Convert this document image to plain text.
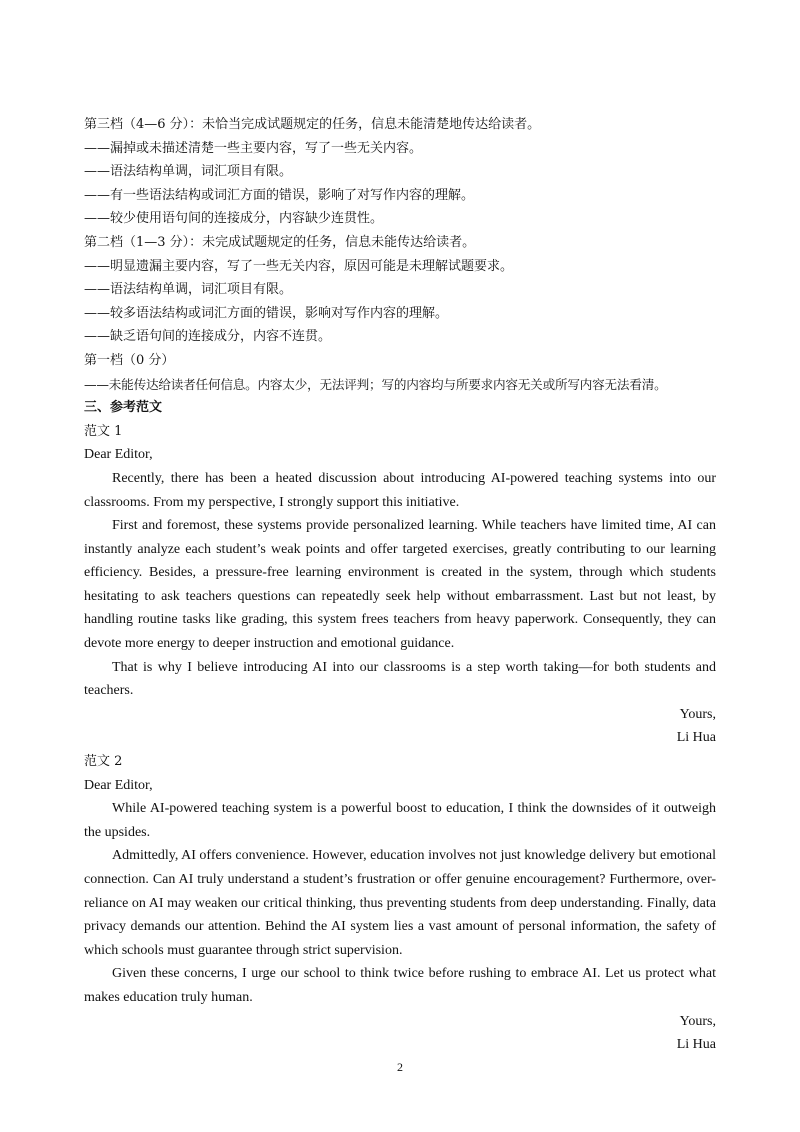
第三档（4—6 分）：未恰当完成试题规定的任务，信息未能清楚地传达给读者。
——漏掉或未描述清楚一些主要内容，写了一些无关内容。
——语法结构单调，词汇项目有限。
——有一些语法结构或词汇方面的错误，影响了对写作内容的理解。
——较少使用语句间的连接成分，内容缺少连贯性。
第二档（1—3 分）：未完成试题规定的任务，信息未能传达给读者。
——明显遗漏主要内容，写了一些无关内容，原因可能是未理解试题要求。
——语法结构单调，词汇项目有限。
——较多语法结构或词汇方面的错误，影响对写作内容的理解。
——缺乏语句间的连接成分，内容不连贯。
第一档（0 分）
——未能传达给读者任何信息。内容太少，无法评判；写的内容均与所要求内容无关或所写内容无法看清。
三、参考范文
范文 1
Dear Editor,
Recently, there has been a heated discussion about introducing AI-powered teaching systems into our classrooms. From my perspective, I strongly support this initiative.
First and foremost, these systems provide personalized learning. While teachers have limited time, AI can instantly analyze each student’s weak points and offer targeted exercises, greatly contributing to our learning efficiency. Besides, a pressure-free learning environment is created in the system, through which students hesitating to ask teachers questions can repeatedly seek help without embarrassment. Last but not least, by handling routine tasks like grading, this system frees teachers from heavy paperwork. Consequently, they can devote more energy to deeper instruction and emotional guidance.
That is why I believe introducing AI into our classrooms is a step worth taking—for both students and teachers.
Yours,
Li Hua
范文 2
Dear Editor,
While AI-powered teaching system is a powerful boost to education, I think the downsides of it outweigh the upsides.
Admittedly, AI offers convenience. However, education involves not just knowledge delivery but emotional connection. Can AI truly understand a student’s frustration or offer genuine encouragement? Furthermore, over-reliance on AI may weaken our critical thinking, thus preventing students from deep understanding. Finally, data privacy demands our attention. Behind the AI system lies a vast amount of personal information, the safety of which schools must guarantee through strict supervision.
Given these concerns, I urge our school to think twice before rushing to embrace AI. Let us protect what makes education truly human.
Yours,
Li Hua
2
